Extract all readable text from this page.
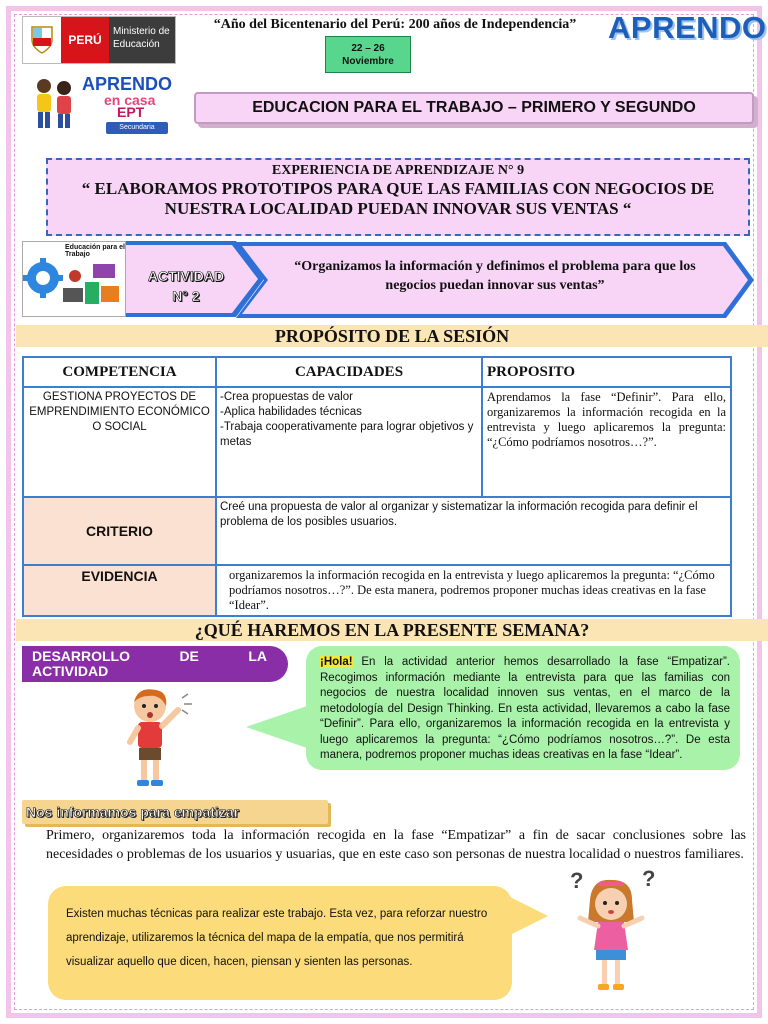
PERÚ
Ministerio de Educación
“Año del Bicentenario del Perú: 200 años de Independencia”
22 – 26
Noviembre
APRENDO
APRENDO
en casa
EPT
Secundaria
EDUCACION PARA EL TRABAJO – PRIMERO Y SEGUNDO
EXPERIENCIA DE APRENDIZAJE N° 9
“ ELABORAMOS PROTOTIPOS PARA QUE LAS FAMILIAS CON NEGOCIOS DE NUESTRA LOCALIDAD PUEDAN INNOVAR SUS VENTAS “
Educación para el Trabajo
ACTIVIDAD
N° 2
“Organizamos la información y definimos el problema para que los negocios puedan innovar sus ventas”
PROPÓSITO DE LA SESIÓN
COMPETENCIA	CAPACIDADES	PROPOSITO
GESTIONA PROYECTOS DE EMPRENDIMIENTO ECONÓMICO O SOCIAL	-Crea propuestas de valor
-Aplica habilidades técnicas
-Trabaja cooperativamente para lograr objetivos y metas	Aprendamos la fase “Definir”. Para ello, organizaremos la información recogida en la entrevista y luego aplicaremos la pregunta: “¿Cómo podríamos nosotros…?”.
CRITERIO	Creé una propuesta de valor al organizar y sistematizar la información recogida para definir el problema de los posibles usuarios.	
EVIDENCIA	organizaremos la información recogida en la entrevista y luego aplicaremos la pregunta: “¿Cómo podríamos nosotros…?”. De esta manera, podremos proponer muchas ideas creativas en la fase “Idear”.	
¿QUÉ HAREMOS EN LA PRESENTE SEMANA?
DESARROLLO	DE	LA
ACTIVIDAD
¡Hola! En la actividad anterior hemos desarrollado la fase “Empatizar”. Recogimos información mediante la entrevista para que las familias con negocios de nuestra localidad innoven sus ventas, en el marco de la metodología del Design Thinking. En esta actividad, llevaremos a cabo la fase “Definir”. Para ello, organizaremos la información recogida en la entrevista y luego aplicaremos la pregunta: “¿Cómo podríamos nosotros…?”. De esta manera, podremos proponer muchas ideas creativas en la fase “Idear”.
Nos informamos para empatizar
Primero, organizaremos toda la información recogida en la fase “Empatizar” a fin de sacar conclusiones sobre las necesidades o problemas de los usuarios y usuarias, que en este caso son personas de nuestra localidad o nuestros familiares.
Existen muchas técnicas para realizar este trabajo. Esta vez, para reforzar nuestro aprendizaje, utilizaremos la técnica del mapa de la empatía, que nos permitirá visualizar aquello que dicen, hacen, piensan y sienten las personas.
?	?
